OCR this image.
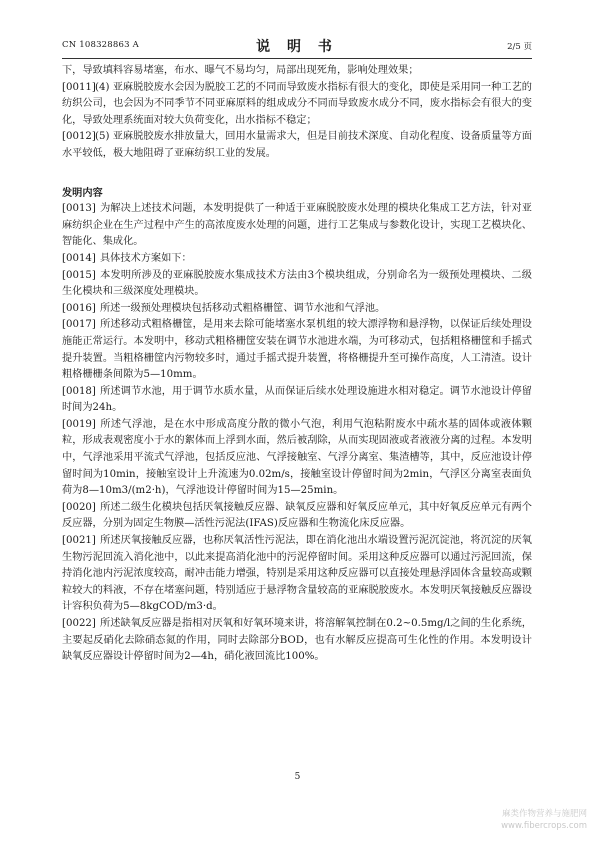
CN 108328863 A	说 明 书	2/5 页

下，导致填料容易堵塞，布水、曝气不易均匀，局部出现死角，影响处理效果；

[0011](4) 亚麻脱胶废水会因为脱胶工艺的不同而导致废水指标有很大的变化，即使是采用同一种工艺的纺织公司，也会因为不同季节不同亚麻原料的组成成分不同而导致废水成分不同，废水指标会有很大的变化，导致处理系统面对较大负荷变化，出水指标不稳定；

[0012](5) 亚麻脱胶废水排放量大，回用水量需求大，但是目前技术深度、自动化程度、设备质量等方面水平较低，极大地阻碍了亚麻纺织工业的发展。

发明内容

[0013] 为解决上述技术问题，本发明提供了一种适于亚麻脱胶废水处理的模块化集成工艺方法，针对亚麻纺织企业在生产过程中产生的高浓度废水处理的问题，进行工艺集成与参数化设计，实现工艺模块化、智能化、集成化。

[0014] 具体技术方案如下：

[0015] 本发明所涉及的亚麻脱胶废水集成技术方法由3个模块组成，分别命名为一级预处理模块、二级生化模块和三级深度处理模块。

[0016] 所述一级预处理模块包括移动式粗格栅筐、调节水池和气浮池。

[0017] 所述移动式粗格栅筐，是用来去除可能堵塞水泵机组的较大漂浮物和悬浮物，以保证后续处理设施能正常运行。本发明中，移动式粗格栅筐安装在调节水池进水端，为可移动式，包括粗格栅筐和手摇式提升装置。当粗格栅筐内污物较多时，通过手摇式提升装置，将格栅提升至可操作高度，人工清渣。设计粗格栅栅条间隙为5—10mm。

[0018] 所述调节水池，用于调节水质水量，从而保证后续水处理设施进水相对稳定。调节水池设计停留时间为24h。

[0019] 所述气浮池，是在水中形成高度分散的微小气泡，利用气泡粘附废水中疏水基的固体或液体颗粒，形成表观密度小于水的絮体而上浮到水面，然后被刮除，从而实现固液或者液液分离的过程。本发明中，气浮池采用平流式气浮池，包括反应池、气浮接触室、气浮分离室、集渣槽等，其中，反应池设计停留时间为10min，接触室设计上升流速为0.02m/s，接触室设计停留时间为2min，气浮区分离室表面负荷为8—10m3/(m2·h)，气浮池设计停留时间为15—25min。

[0020] 所述二级生化模块包括厌氧接触反应器、缺氧反应器和好氧反应单元，其中好氧反应单元有两个反应器，分别为固定生物膜—活性污泥法(IFAS)反应器和生物流化床反应器。

[0021] 所述厌氧接触反应器，也称厌氧活性污泥法，即在消化池出水端设置污泥沉淀池，将沉淀的厌氧生物污泥回流入消化池中，以此来提高消化池中的污泥停留时间。采用这种反应器可以通过污泥回流，保持消化池内污泥浓度较高，耐冲击能力增强，特别是采用这种反应器可以直接处理悬浮固体含量较高或颗粒较大的料液，不存在堵塞问题，特别适应于悬浮物含量较高的亚麻脱胶废水。本发明厌氧接触反应器设计容积负荷为5—8kgCOD/m3·d。

[0022] 所述缺氧反应器是指相对厌氧和好氧环境来讲，将溶解氧控制在0.2~0.5mg/l之间的生化系统，主要起反硝化去除硝态氮的作用，同时去除部分BOD，也有水解反应提高可生化性的作用。本发明设计缺氧反应器设计停留时间为2—4h，硝化液回流比100%。

5
麻类作物营养与施肥网
www.fibercrops.com
